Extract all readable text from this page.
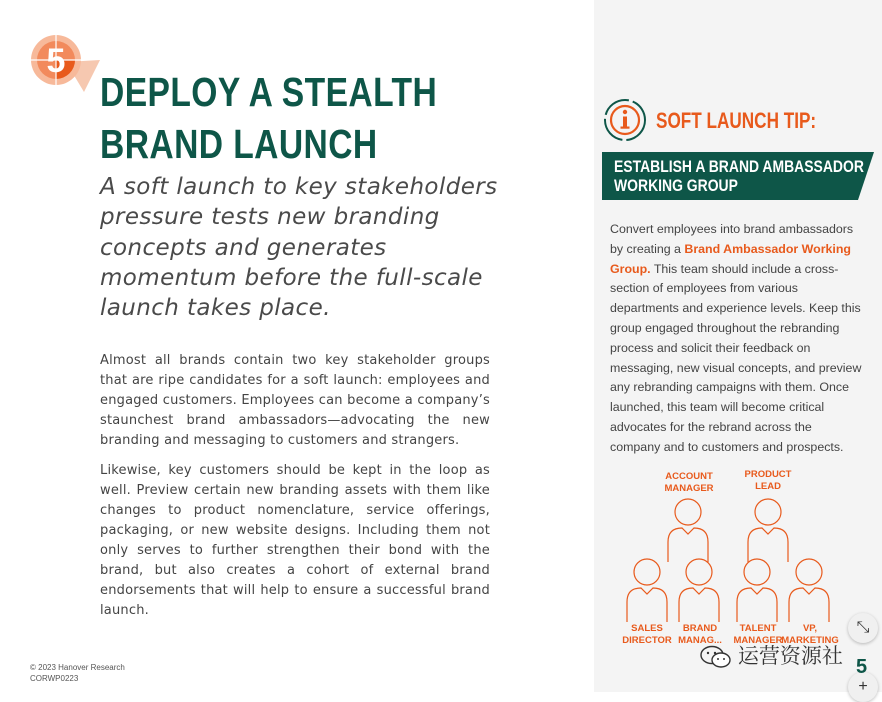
5
DEPLOY A STEALTH
BRAND LAUNCH

A soft launch to key stakeholders pressure tests new branding concepts and generates momentum before the full-scale launch takes place.

Almost all brands contain two key stakeholder groups that are ripe candidates for a soft launch: employees and engaged customers. Employees can become a company’s staunchest brand ambassadors—advocating the new branding and messaging to customers and strangers.

Likewise, key customers should be kept in the loop as well. Preview certain new branding assets with them like changes to product nomenclature, service offerings, packaging, or new website designs. Including them not only serves to further strengthen their bond with the brand, but also creates a cohort of external brand endorsements that will help to ensure a successful brand launch.

© 2023 Hanover Research
CORWP0223
SOFT LAUNCH TIP:
ESTABLISH A BRAND AMBASSADOR
WORKING GROUP

Convert employees into brand ambassadors by creating a Brand Ambassador Working Group. This team should include a cross-section of employees from various departments and experience levels. Keep this group engaged throughout the rebranding process and solicit their feedback on messaging, new visual concepts, and preview any rebranding campaigns with them. Once launched, this team will become critical advocates for the rebrand across the company and to customers and prospects.

ACCOUNT
MANAGER
PRODUCT
LEAD
SALES
DIRECTOR
BRAND
MANAG...
TALENT
MANAGER
VP,
MARKETING
⤡
+
运营资源社 5
